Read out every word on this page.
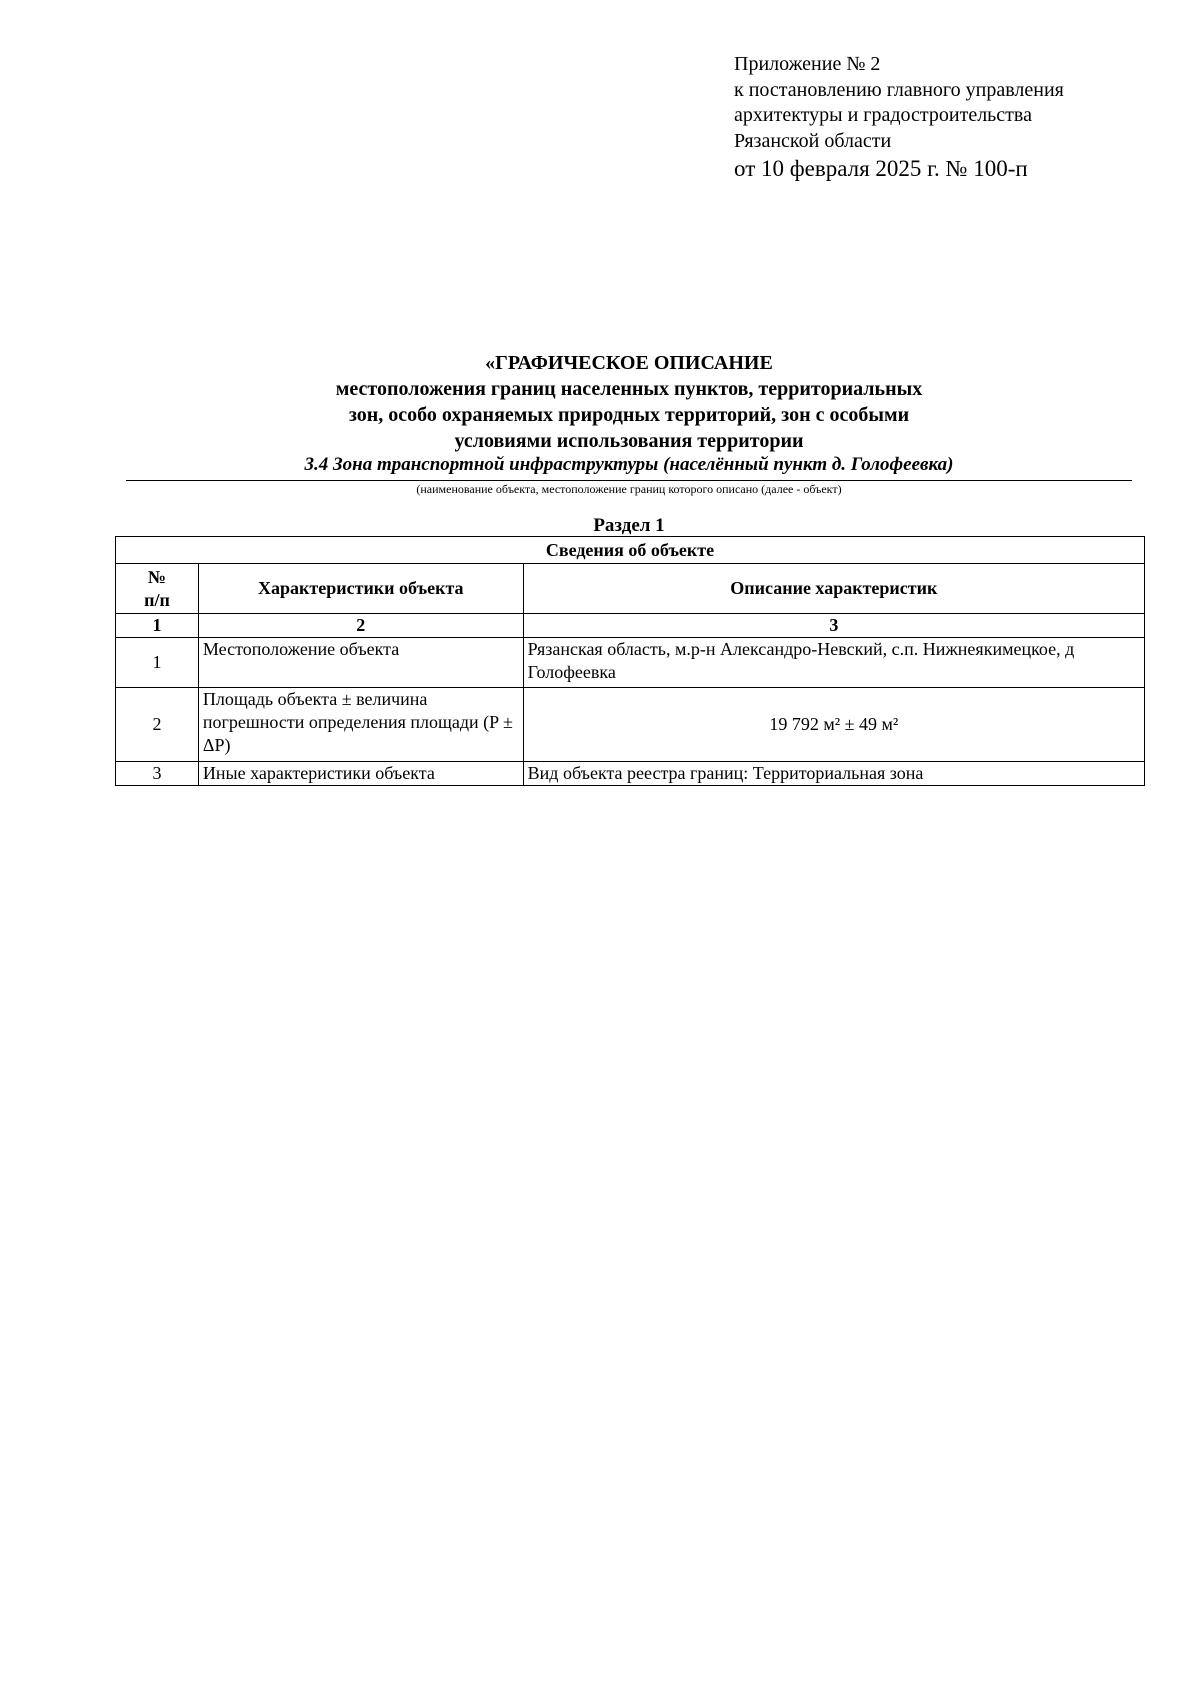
Приложение № 2
к постановлению главного управления
архитектуры и градостроительства
Рязанской области
от 10 февраля 2025 г. № 100-п
«ГРАФИЧЕСКОЕ ОПИСАНИЕ
местоположения границ населенных пунктов, территориальных
зон, особо охраняемых природных территорий, зон с особыми
условиями использования территории
3.4 Зона транспортной инфраструктуры (населённый пункт д. Голофеевка)
(наименование объекта, местоположение границ которого описано (далее - объект)
Раздел 1
Сведения об объекте		

№
п/п	Характеристики объекта	Описание характеристик
1	2	3
1	Местоположение объекта	Рязанская область, м.р-н Александро-Невский, с.п. Нижнеякимецкое, д Голофеевка
2	Площадь объекта ± величина погрешности определения площади (P ± ΔP)	19 792 м² ± 49 м²
3	Иные характеристики объекта	Вид объекта реестра границ: Территориальная зона
